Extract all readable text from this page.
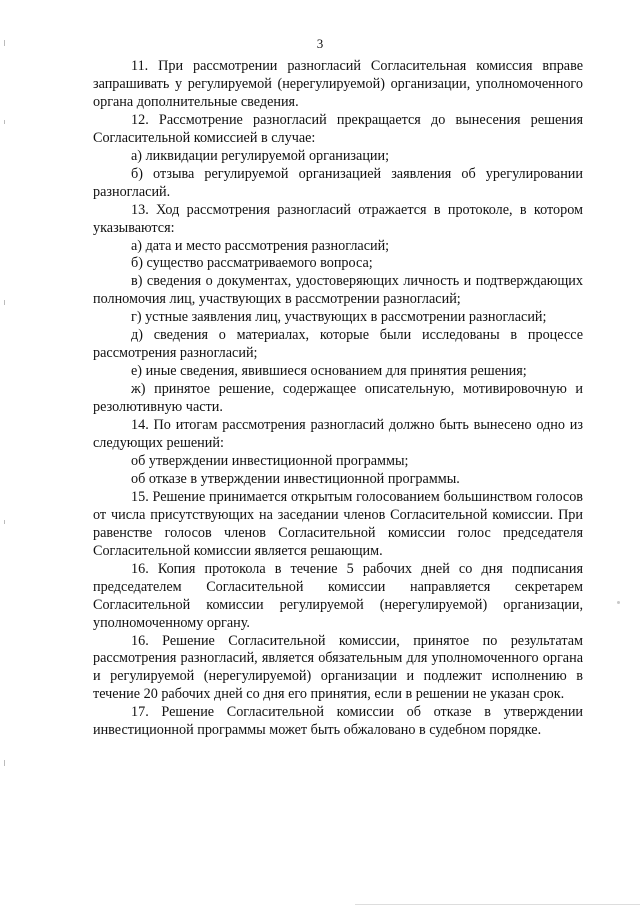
3

11. При рассмотрении разногласий Согласительная комиссия вправе запрашивать у регулируемой (нерегулируемой) организации, уполномоченного органа дополнительные сведения.

12. Рассмотрение разногласий прекращается до вынесения решения Согласительной комиссией в случае:

а) ликвидации регулируемой организации;

б) отзыва регулируемой организацией заявления об урегулировании разногласий.

13. Ход рассмотрения разногласий отражается в протоколе, в котором указываются:

а) дата и место рассмотрения разногласий;

б) существо рассматриваемого вопроса;

в) сведения о документах, удостоверяющих личность и подтверждающих полномочия лиц, участвующих в рассмотрении разногласий;

г) устные заявления лиц, участвующих в рассмотрении разногласий;

д) сведения о материалах, которые были исследованы в процессе рассмотрения разногласий;

е) иные сведения, явившиеся основанием для принятия решения;

ж) принятое решение, содержащее описательную, мотивировочную и резолютивную части.

14. По итогам рассмотрения разногласий должно быть вынесено одно из следующих решений:

об утверждении инвестиционной программы;

об отказе в утверждении инвестиционной программы.

15. Решение принимается открытым голосованием большинством голосов от числа присутствующих на заседании членов Согласительной комиссии. При равенстве голосов членов Согласительной комиссии голос председателя Согласительной комиссии является решающим.

16. Копия протокола в течение 5 рабочих дней со дня подписания председателем Согласительной комиссии направляется секретарем Согласительной комиссии регулируемой (нерегулируемой) организации, уполномоченному органу.

16. Решение Согласительной комиссии, принятое по результатам рассмотрения разногласий, является обязательным для уполномоченного органа и регулируемой (нерегулируемой) организации и подлежит исполнению в течение 20 рабочих дней со дня его принятия, если в решении не указан срок.

17. Решение Согласительной комиссии об отказе в утверждении инвестиционной программы может быть обжаловано в судебном порядке.
